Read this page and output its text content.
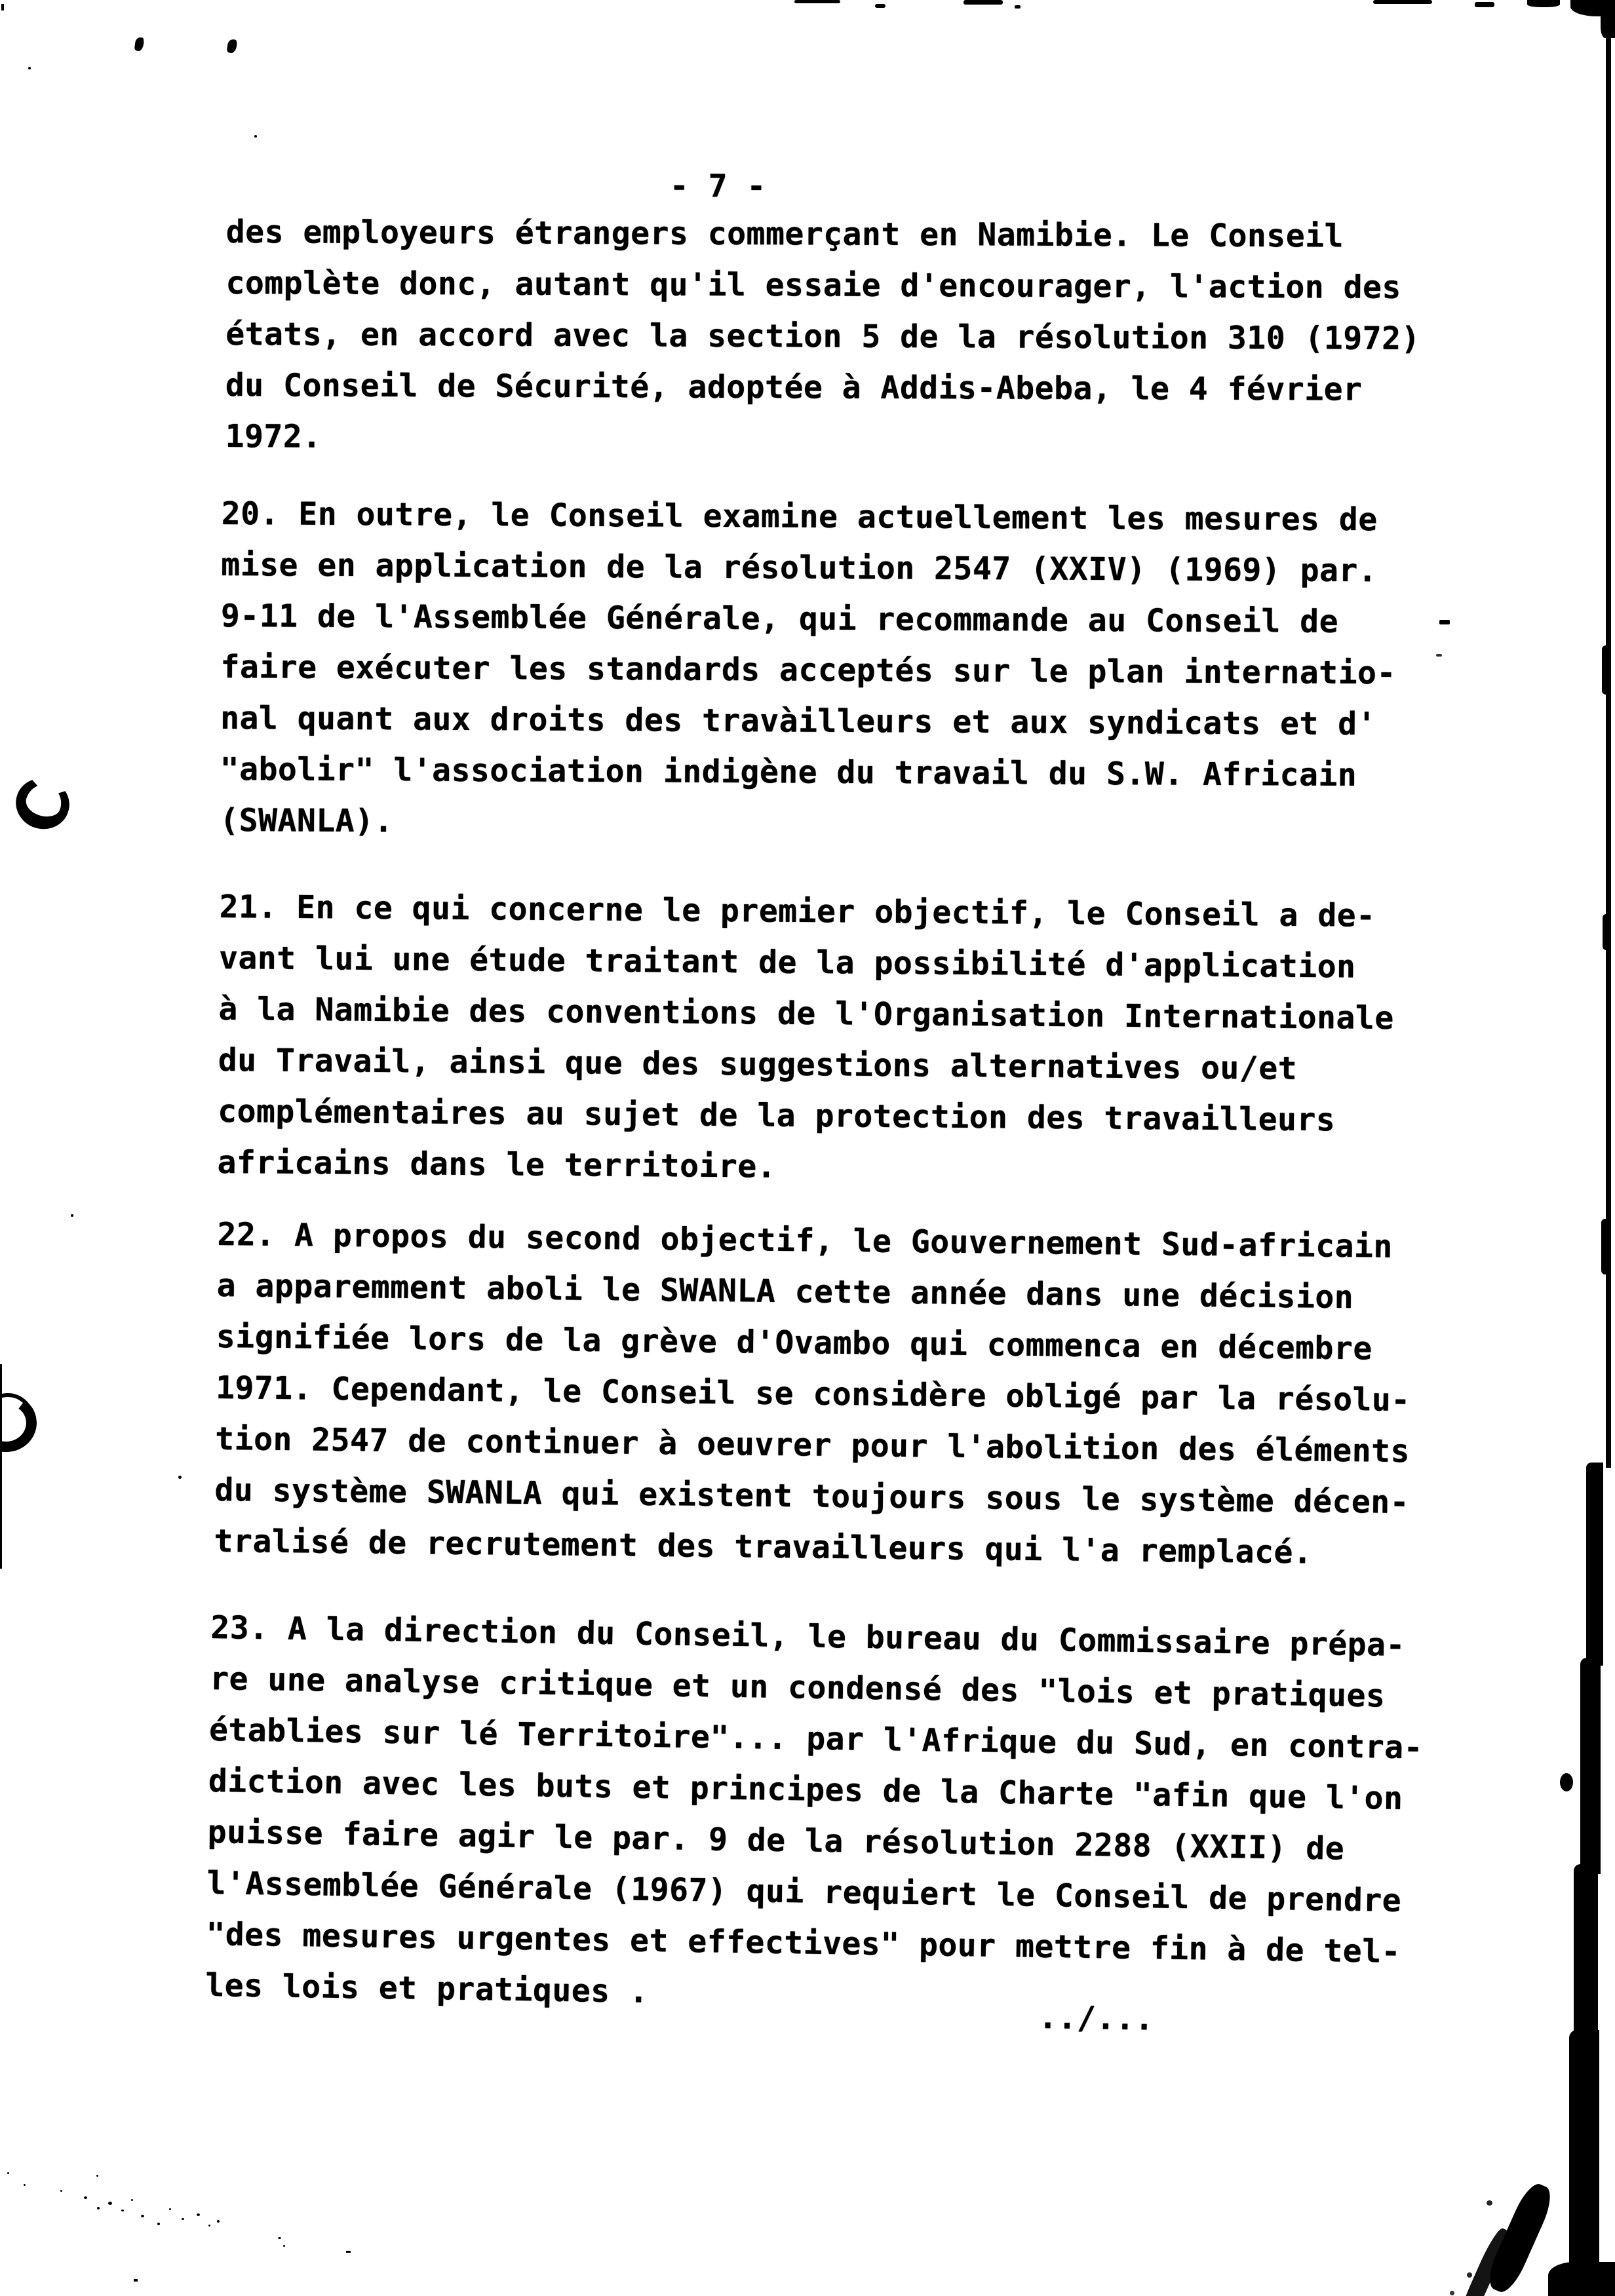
- 7 -
des employeurs étrangers commerçant en Namibie. Le Conseil
complète donc, autant qu'il essaie d'encourager, l'action des
états, en accord avec la section 5 de la résolution 310 (1972)
du Conseil de Sécurité, adoptée à Addis-Abeba, le 4 février
1972.
20. En outre, le Conseil examine actuellement les mesures de
mise en application de la résolution 2547 (XXIV) (1969) par.
9-11 de l'Assemblée Générale, qui recommande au Conseil de
faire exécuter les standards acceptés sur le plan internatio-
nal quant aux droits des travàilleurs et aux syndicats et d'
"abolir" l'association indigène du travail du S.W. Africain
(SWANLA).
21. En ce qui concerne le premier objectif, le Conseil a de-
vant lui une étude traitant de la possibilité d'application
à la Namibie des conventions de l'Organisation Internationale
du Travail, ainsi que des suggestions alternatives ou/et
complémentaires au sujet de la protection des travailleurs
africains dans le territoire.
22. A propos du second objectif, le Gouvernement Sud-africain
a apparemment aboli le SWANLA cette année dans une décision
signifiée lors de la grève d'Ovambo qui commenca en décembre
1971. Cependant, le Conseil se considère obligé par la résolu-
tion 2547 de continuer à oeuvrer pour l'abolition des éléments
du système SWANLA qui existent toujours sous le système décen-
tralisé de recrutement des travailleurs qui l'a remplacé.
23. A la direction du Conseil, le bureau du Commissaire prépa-
re une analyse critique et un condensé des "lois et pratiques
établies sur lé Territoire"... par l'Afrique du Sud, en contra-
diction avec les buts et principes de la Charte "afin que l'on
puisse faire agir le par. 9 de la résolution 2288 (XXII) de
l'Assemblée Générale (1967) qui requiert le Conseil de prendre
"des mesures urgentes et effectives" pour mettre fin à de tel-
les lois et pratiques .
../...
